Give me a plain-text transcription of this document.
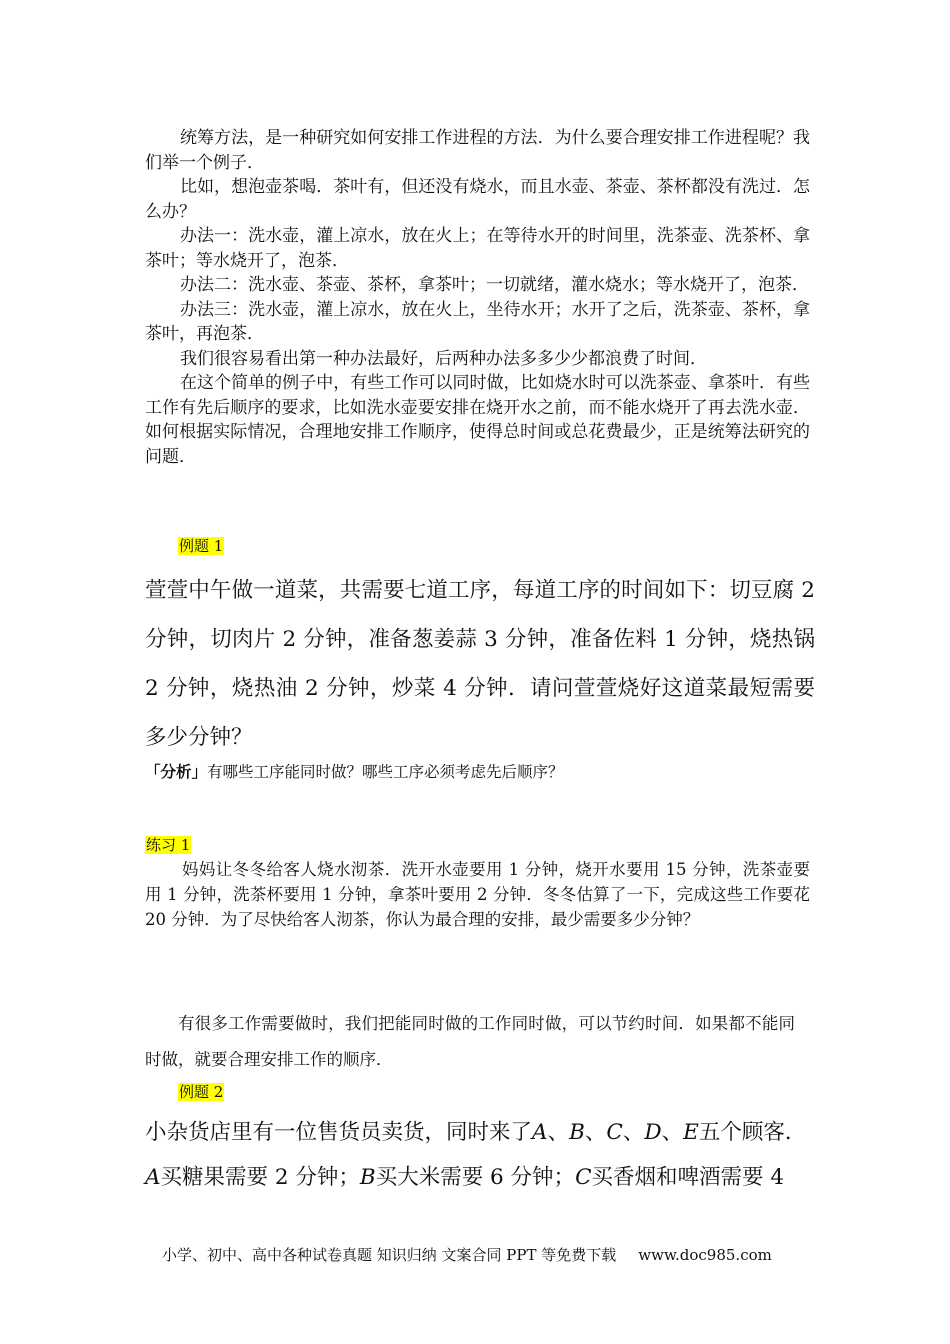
统筹方法，是一种研究如何安排工作进程的方法．为什么要合理安排工作进程呢？我们举一个例子．

比如，想泡壶茶喝．茶叶有，但还没有烧水，而且水壶、茶壶、茶杯都没有洗过．怎么办？

办法一：洗水壶，灌上凉水，放在火上；在等待水开的时间里，洗茶壶、洗茶杯、拿茶叶；等水烧开了，泡茶．

办法二：洗水壶、茶壶、茶杯，拿茶叶；一切就绪，灌水烧水；等水烧开了，泡茶．

办法三：洗水壶，灌上凉水，放在火上，坐待水开；水开了之后，洗茶壶、茶杯，拿茶叶，再泡茶．

我们很容易看出第一种办法最好，后两种办法多多少少都浪费了时间．

在这个简单的例子中，有些工作可以同时做，比如烧水时可以洗茶壶、拿茶叶．有些工作有先后顺序的要求，比如洗水壶要安排在烧开水之前，而不能水烧开了再去洗水壶．如何根据实际情况，合理地安排工作顺序，使得总时间或总花费最少，正是统筹法研究的问题．

例题 1

萱萱中午做一道菜，共需要七道工序，每道工序的时间如下：切豆腐 2 分钟，切肉片 2 分钟，准备葱姜蒜 3 分钟，准备佐料 1 分钟，烧热锅 2 分钟，烧热油 2 分钟，炒菜 4 分钟．请问萱萱烧好这道菜最短需要多少分钟？

「分析」有哪些工序能同时做？哪些工序必须考虑先后顺序？
练习 1

妈妈让冬冬给客人烧水沏茶．洗开水壶要用 1 分钟，烧开水要用 15 分钟，洗茶壶要用 1 分钟，洗茶杯要用 1 分钟，拿茶叶要用 2 分钟．冬冬估算了一下，完成这些工作要花 20 分钟．为了尽快给客人沏茶，你认为最合理的安排，最少需要多少分钟？

有很多工作需要做时，我们把能同时做的工作同时做，可以节约时间．如果都不能同时做，就要合理安排工作的顺序．

例题 2

小杂货店里有一位售货员卖货，同时来了A、B、C、D、E五个顾客．

A买糖果需要 2 分钟；B买大米需要 6 分钟；C买香烟和啤酒需要 4

小学、初中、高中各种试卷真题 知识归纳 文案合同 PPT 等免费下载 www.doc985.com
